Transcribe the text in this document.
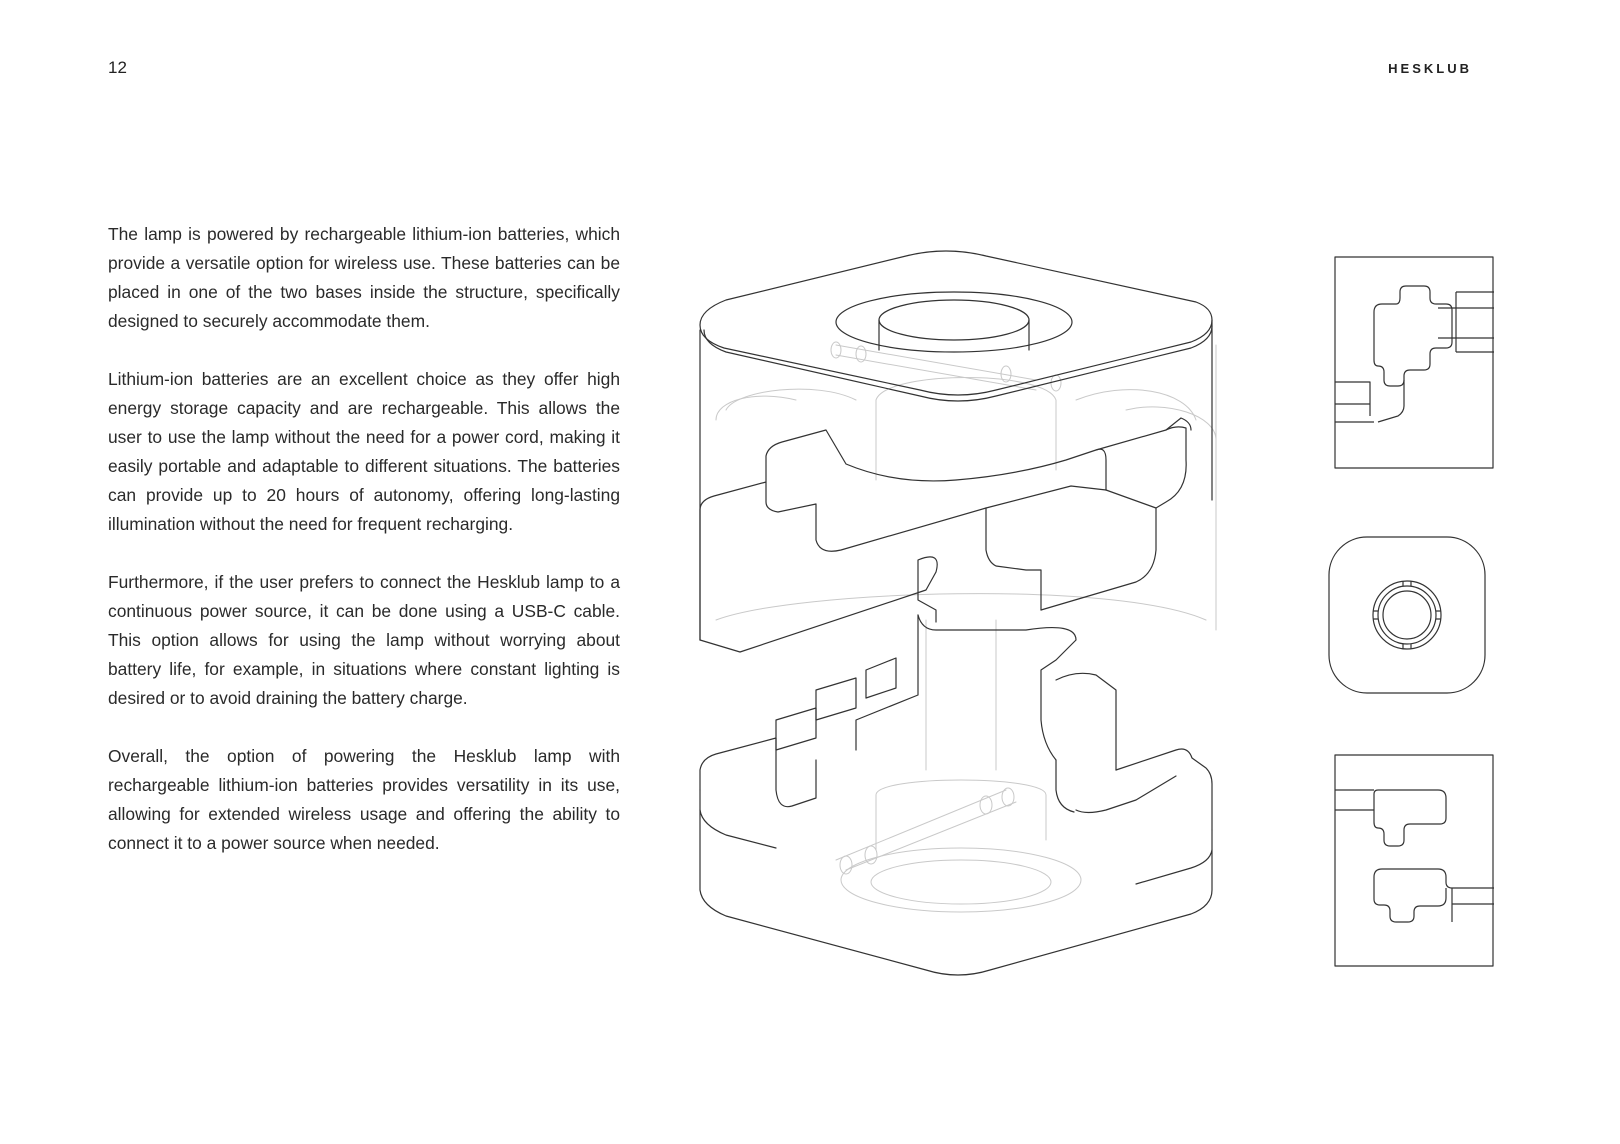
12	HESKLUB

The lamp is powered by rechargeable lithium-ion batteries, which provide a versatile option for wireless use. These batteries can be placed in one of the two bases inside the structure, specifically designed to securely accommodate them.

Lithium-ion batteries are an excellent choice as they offer high energy storage capacity and are rechargeable. This allows the user to use the lamp without the need for a power cord, making it easily portable and adaptable to different situations. The batteries can provide up to 20 hours of autonomy, offering long-lasting illumination without the need for frequent recharging.

Furthermore, if the user prefers to connect the Hesklub lamp to a continuous power source, it can be done using a USB-C cable. This option allows for using the lamp without worrying about battery life, for example, in situations where constant lighting is desired or to avoid draining the battery charge.

Overall, the option of powering the Hesklub lamp with rechargeable lithium-ion batteries provides versatility in its use, allowing for extended wireless usage and offering the ability to connect it to a power source when needed.
